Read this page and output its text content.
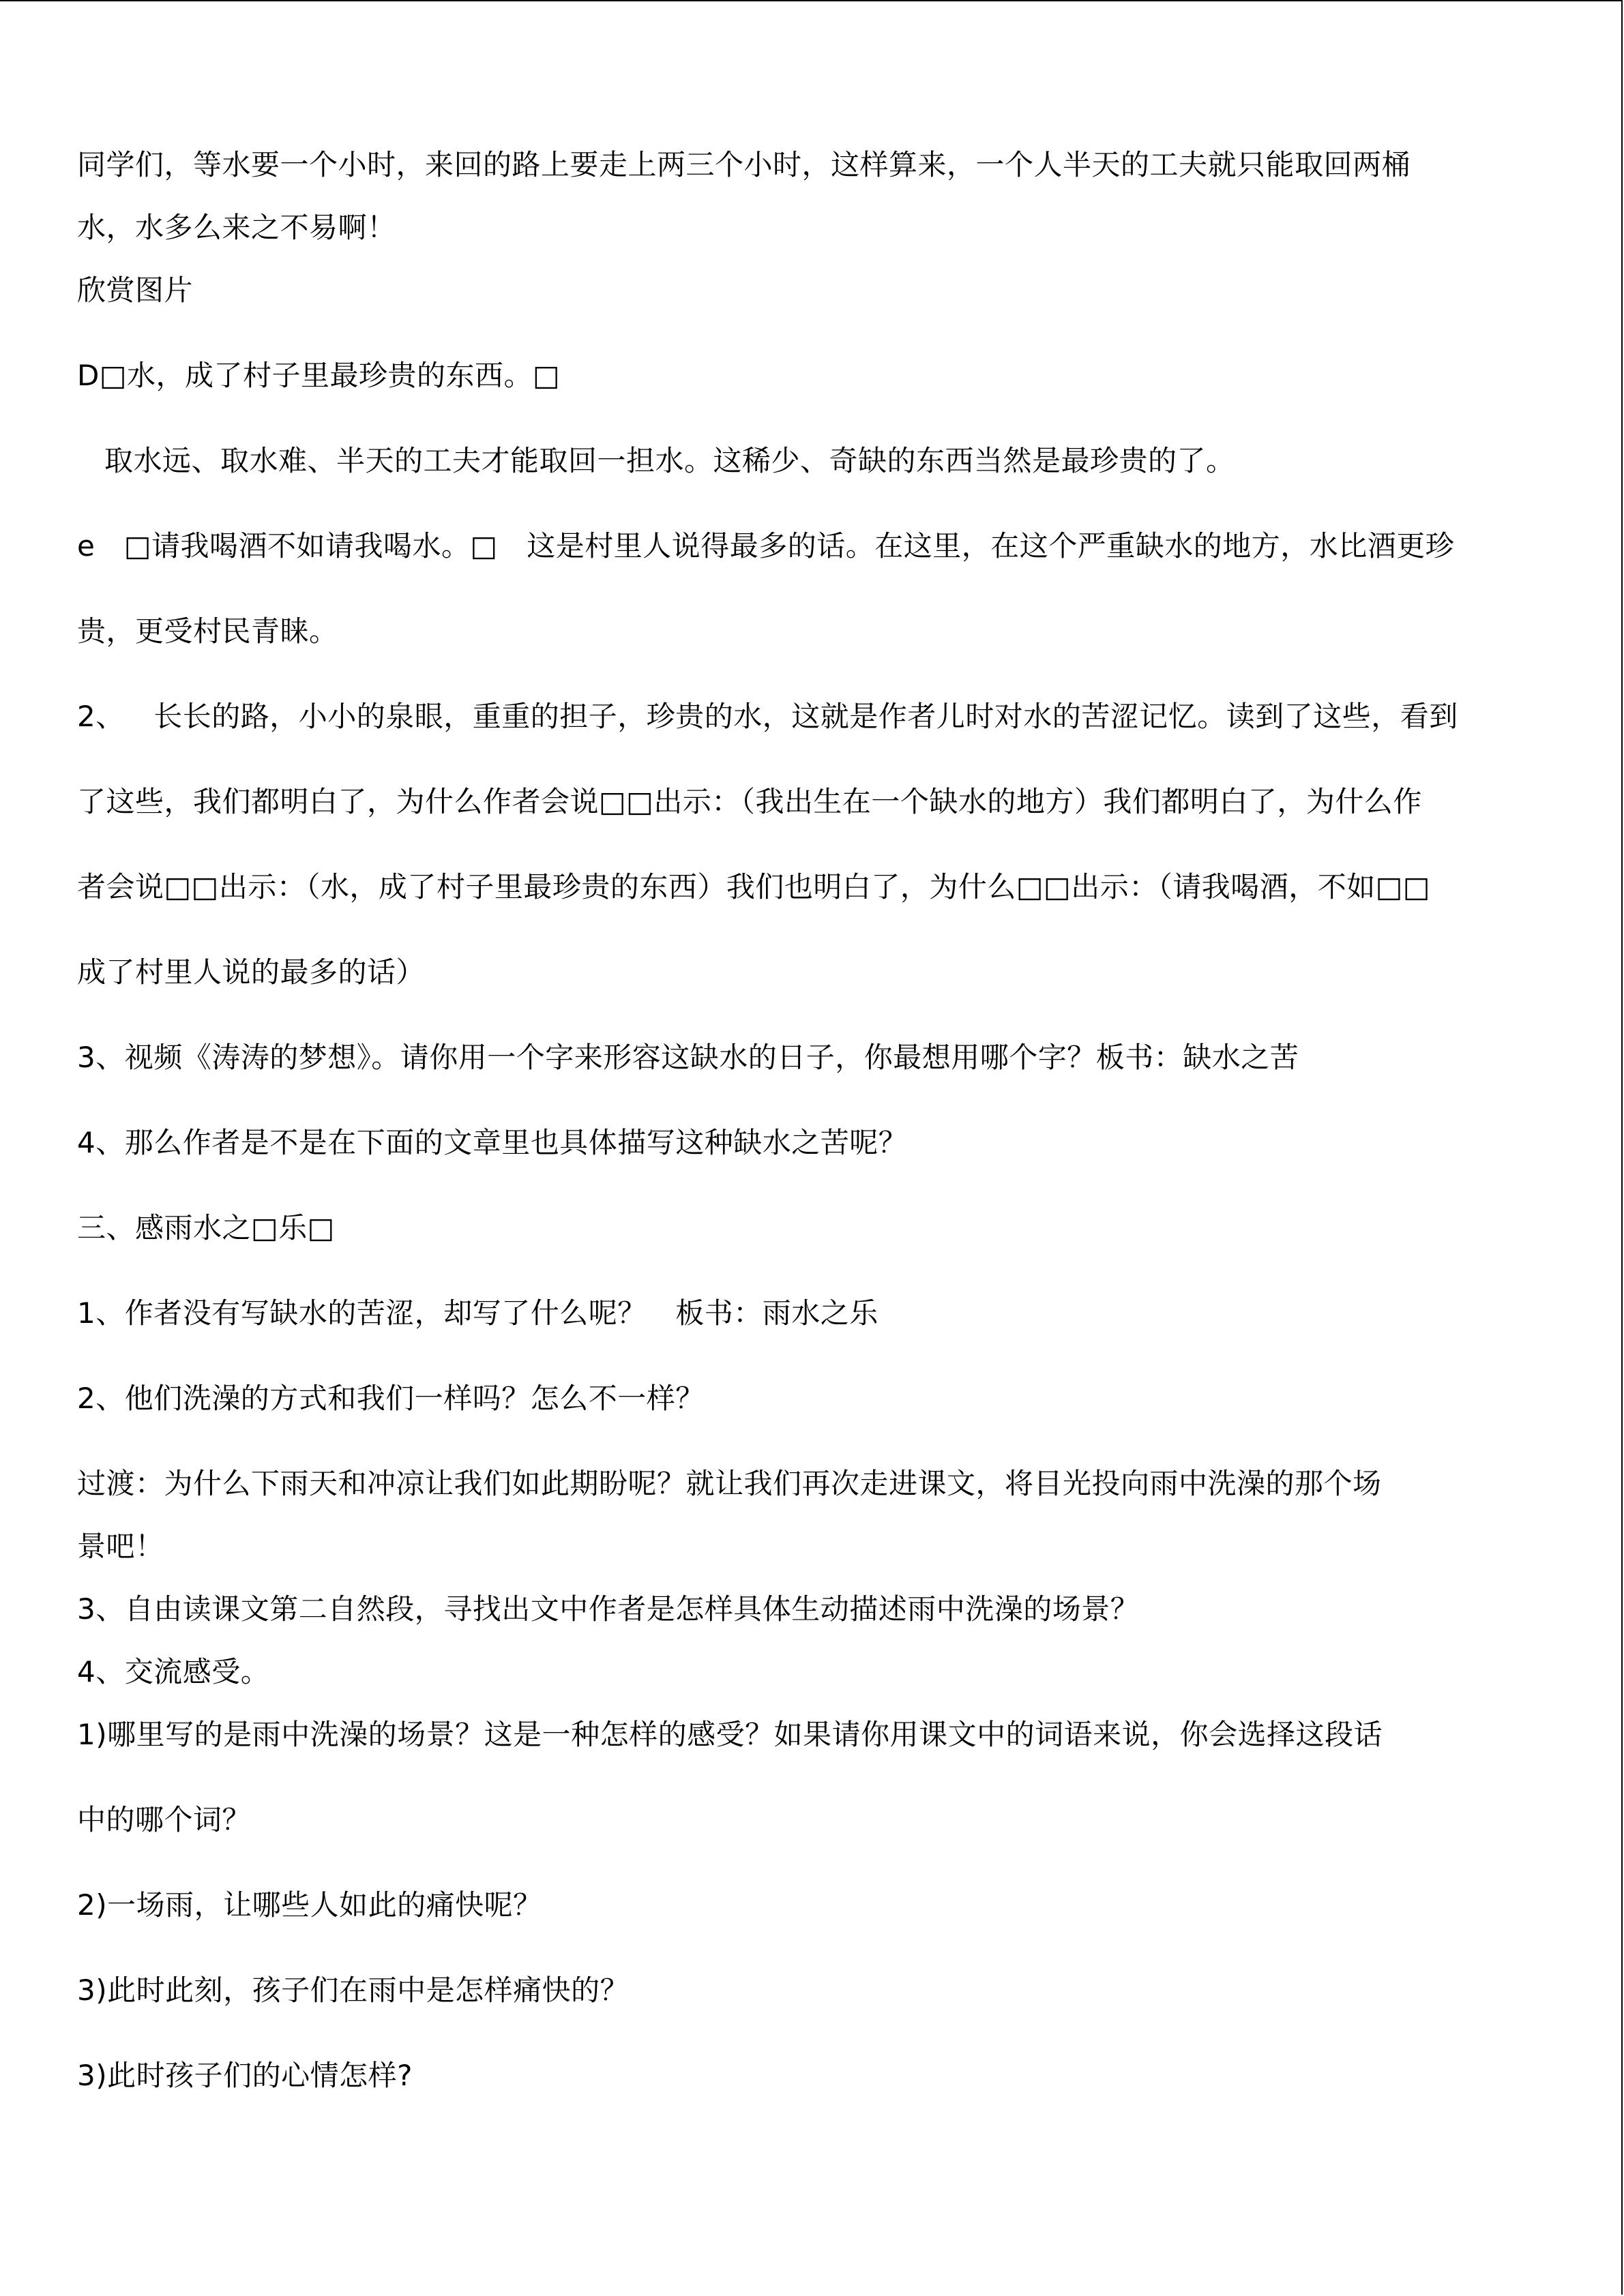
同学们，等水要一个小时，来回的路上要走上两三个小时，这样算来，一个人半天的工夫就只能取回两桶
水，水多么来之不易啊！
欣赏图片
D□水，成了村子里最珍贵的东西。□
取水远、取水难、半天的工夫才能取回一担水。这稀少、奇缺的东西当然是最珍贵的了。
e □请我喝酒不如请我喝水。□ 这是村里人说得最多的话。在这里，在这个严重缺水的地方，水比酒更珍
贵，更受村民青睐。
2、 长长的路，小小的泉眼，重重的担子，珍贵的水，这就是作者儿时对水的苦涩记忆。读到了这些，看到
了这些，我们都明白了，为什么作者会说□□出示：（我出生在一个缺水的地方）我们都明白了，为什么作
者会说□□出示：（水，成了村子里最珍贵的东西）我们也明白了，为什么□□出示：（请我喝酒，不如□□
成了村里人说的最多的话）
3、视频《涛涛的梦想》。请你用一个字来形容这缺水的日子，你最想用哪个字？板书：缺水之苦
4、那么作者是不是在下面的文章里也具体描写这种缺水之苦呢？
三、感雨水之□乐□
1、作者没有写缺水的苦涩，却写了什么呢？ 板书：雨水之乐
2、他们洗澡的方式和我们一样吗？怎么不一样？
过渡：为什么下雨天和冲凉让我们如此期盼呢？就让我们再次走进课文，将目光投向雨中洗澡的那个场
景吧！
3、自由读课文第二自然段，寻找出文中作者是怎样具体生动描述雨中洗澡的场景？
4、交流感受。
1)哪里写的是雨中洗澡的场景？这是一种怎样的感受？如果请你用课文中的词语来说，你会选择这段话
中的哪个词？
2)一场雨，让哪些人如此的痛快呢？
3)此时此刻，孩子们在雨中是怎样痛快的？
3)此时孩子们的心情怎样?
